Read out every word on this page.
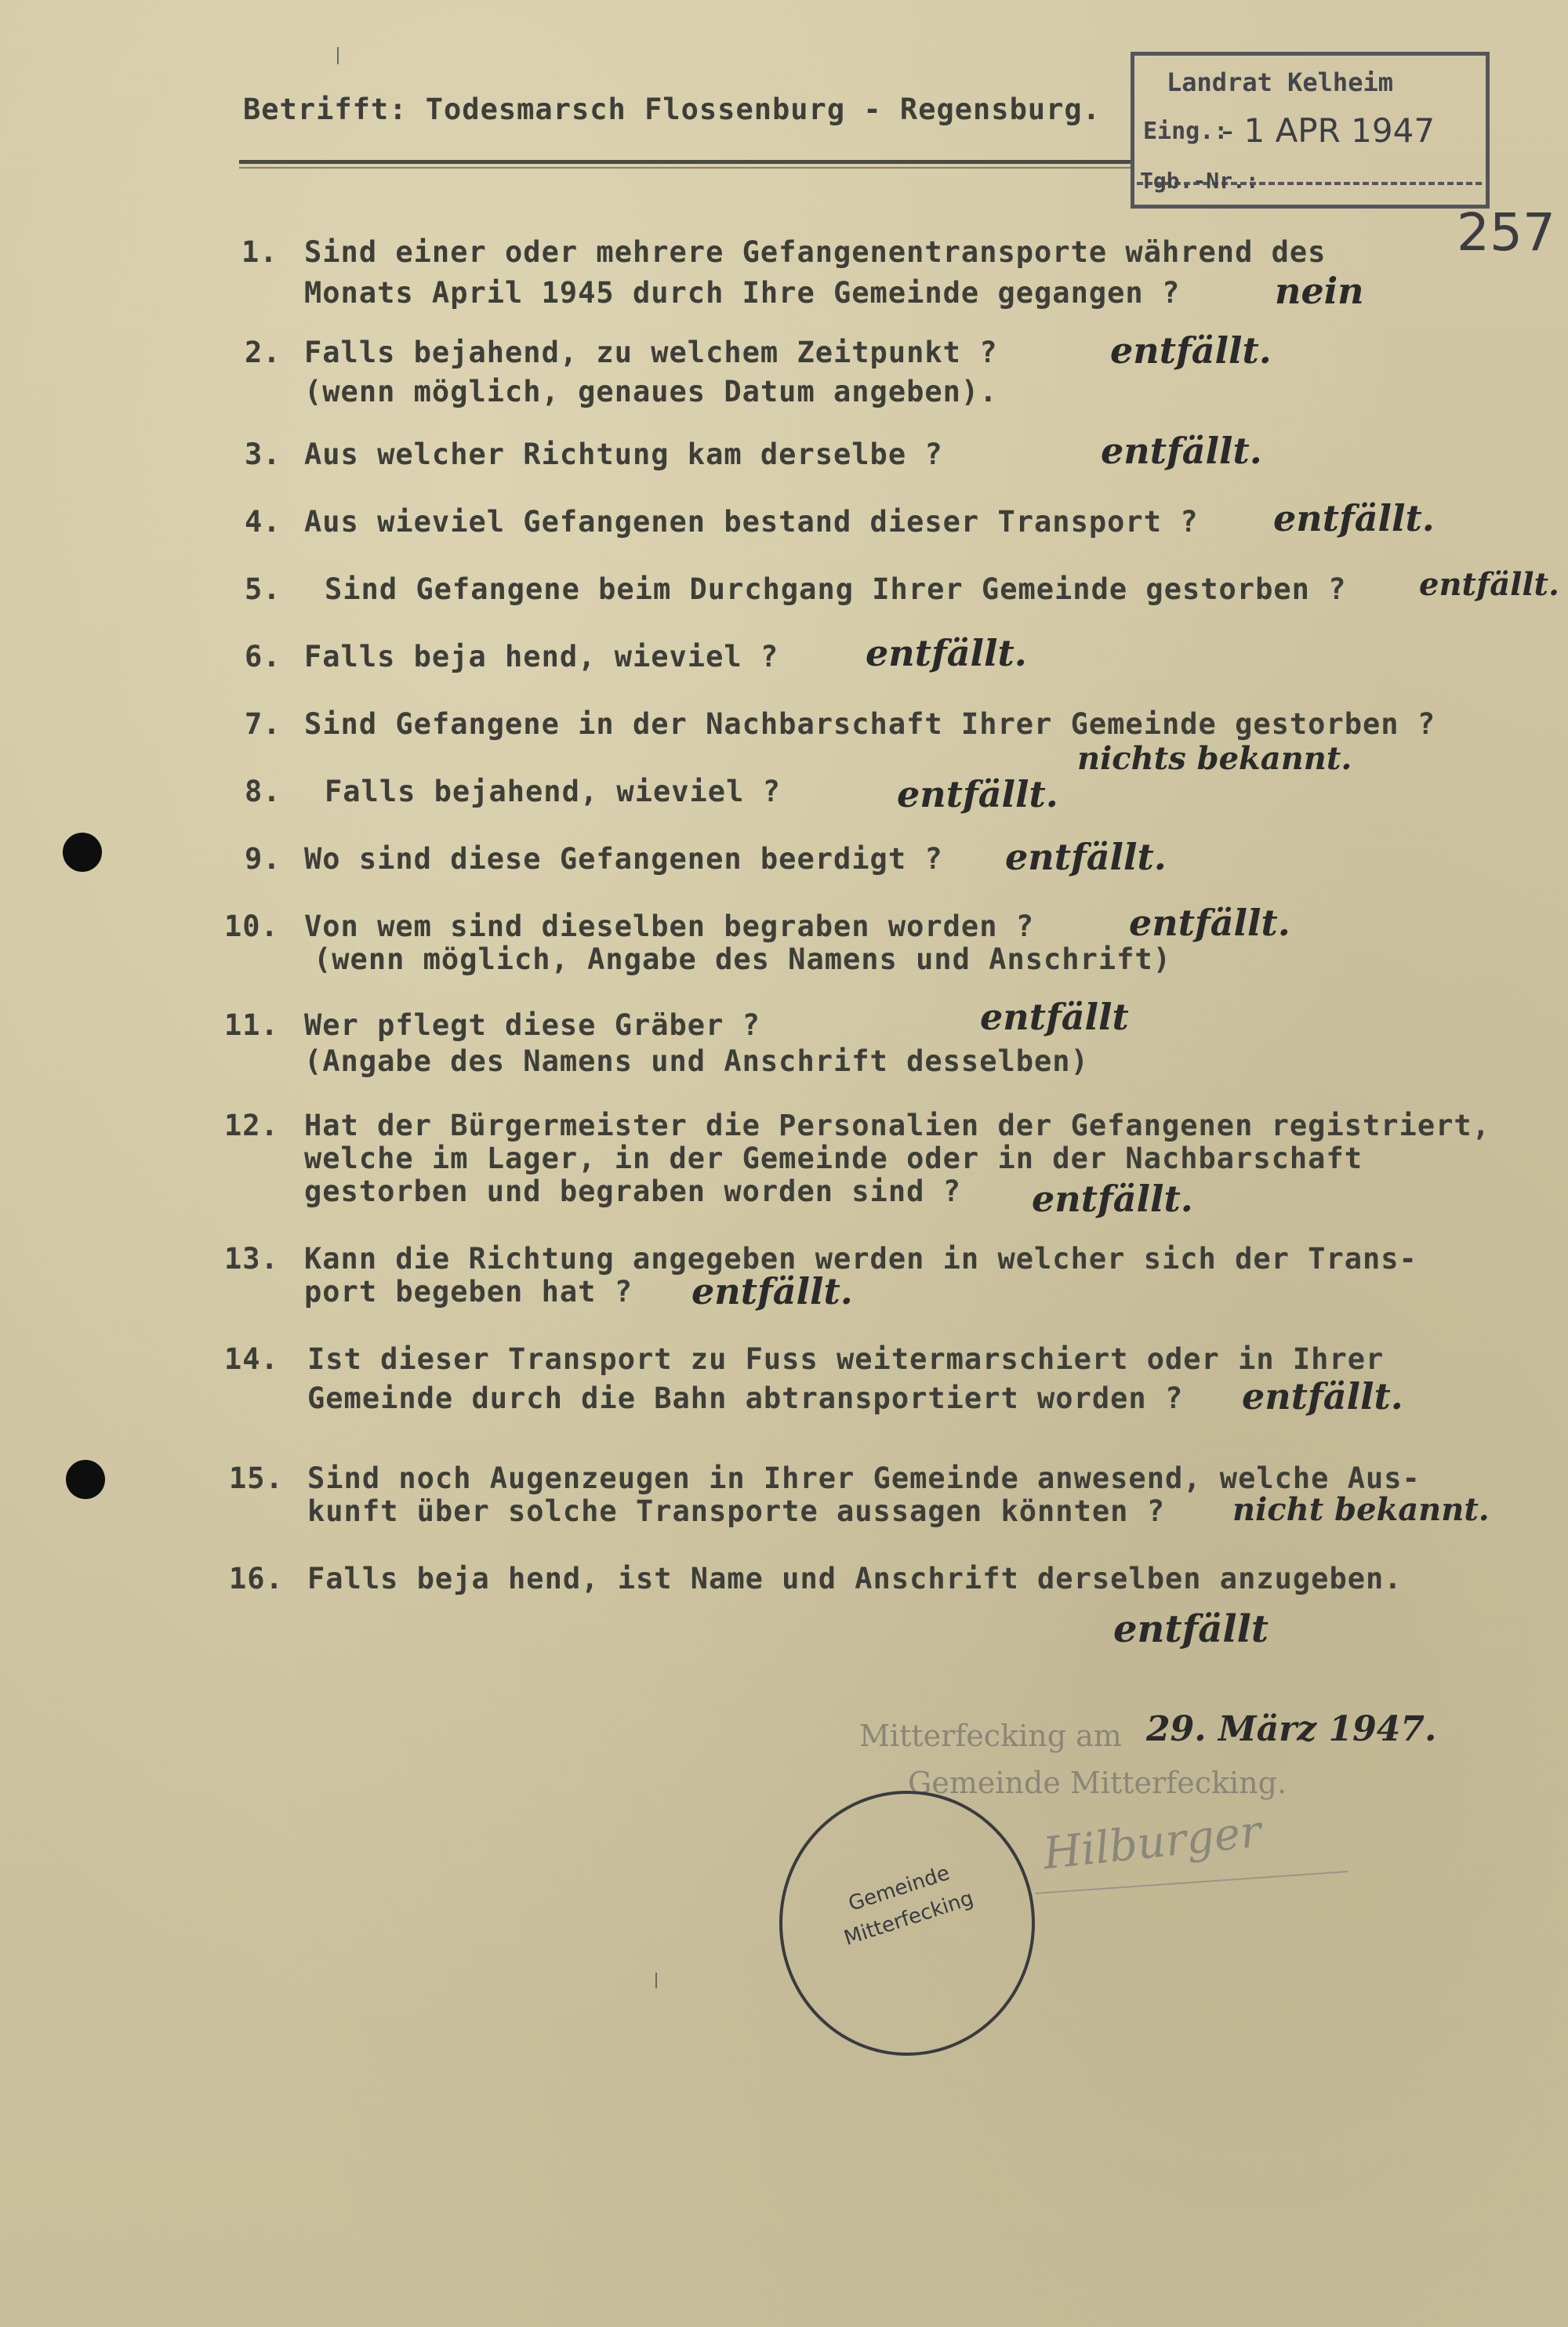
Betrifft: Todesmarsch Flossenburg - Regensburg.
Landrat Kelheim
Eing.:
- 1 APR 1947
Tgb.-Nr.:
257
1. Sind einer oder mehrere Gefangenentransporte während des
Monats April 1945 durch Ihre Gemeinde gegangen ?	nein
2. Falls bejahend, zu welchem Zeitpunkt ?
(wenn möglich, genaues Datum angeben).
entfällt.
3. Aus welcher Richtung kam derselbe ?	entfällt.
4. Aus wieviel Gefangenen bestand dieser Transport ? entfällt.
5. Sind Gefangene beim Durchgang Ihrer Gemeinde gestorben ? entfällt.
6. Falls beja hend, wieviel ? entfällt.
7. Sind Gefangene in der Nachbarschaft Ihrer Gemeinde gestorben ?
nichts bekannt.
8. Falls bejahend, wieviel ?	entfällt.
9. Wo sind diese Gefangenen beerdigt ? entfällt.
10. Von wem sind dieselben begraben worden ?
(wenn möglich, Angabe des Namens und Anschrift)
entfällt.
11. Wer pflegt diese Gräber ?
(Angabe des Namens und Anschrift desselben)
entfällt
12. Hat der Bürgermeister die Personalien der Gefangenen registriert,
welche im Lager, in der Gemeinde oder in der Nachbarschaft
gestorben und begraben worden sind ? entfällt.
13. Kann die Richtung angegeben werden in welcher sich der Trans-
port begeben hat ? entfällt.
14. Ist dieser Transport zu Fuss weitermarschiert oder in Ihrer
Gemeinde durch die Bahn abtransportiert worden ? entfällt.
15. Sind noch Augenzeugen in Ihrer Gemeinde anwesend, welche Aus-
kunft über solche Transporte aussagen könnten ? nicht bekannt.
16. Falls beja hend, ist Name und Anschrift derselben anzugeben.
entfällt
Mitterfecking am 29. März 1947.
Gemeinde Mitterfecking.
Gemeinde Mitterfecking
Hilburger
